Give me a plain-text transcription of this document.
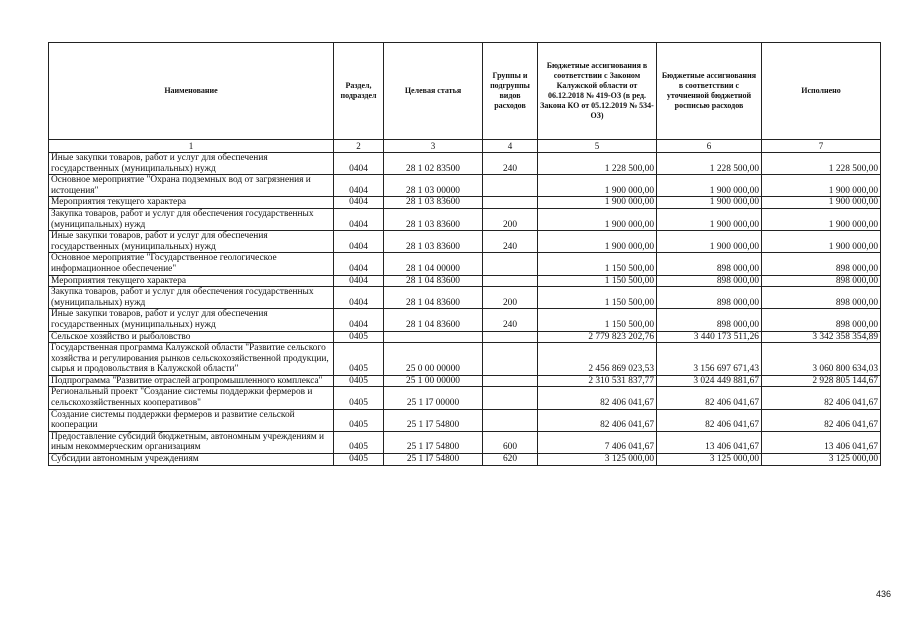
Наименование	Раздел, подраздел	Целевая статья	Группы и подгруппы видов расходов	Бюджетные ассигнования в соответствии с Законом Калужской области от 06.12.2018 № 419-ОЗ (в ред. Закона КО от 05.12.2019 № 534-ОЗ)	Бюджетные ассигнования в соответствии с уточненной бюджетной росписью расходов	Исполнено
1	2	3	4	5	6	7
Иные закупки товаров, работ и услуг для обеспечения государственных (муниципальных) нужд	0404	28 1 02 83500	240	1 228 500,00	1 228 500,00	1 228 500,00
Основное мероприятие "Охрана подземных вод от загрязнения и истощения"	0404	28 1 03 00000		1 900 000,00	1 900 000,00	1 900 000,00
Мероприятия текущего характера	0404	28 1 03 83600		1 900 000,00	1 900 000,00	1 900 000,00
Закупка товаров, работ и услуг для обеспечения государственных (муниципальных) нужд	0404	28 1 03 83600	200	1 900 000,00	1 900 000,00	1 900 000,00
Иные закупки товаров, работ и услуг для обеспечения государственных (муниципальных) нужд	0404	28 1 03 83600	240	1 900 000,00	1 900 000,00	1 900 000,00
Основное мероприятие "Государственное геологическое информационное обеспечение"	0404	28 1 04 00000		1 150 500,00	898 000,00	898 000,00
Мероприятия текущего характера	0404	28 1 04 83600		1 150 500,00	898 000,00	898 000,00
Закупка товаров, работ и услуг для обеспечения государственных (муниципальных) нужд	0404	28 1 04 83600	200	1 150 500,00	898 000,00	898 000,00
Иные закупки товаров, работ и услуг для обеспечения государственных (муниципальных) нужд	0404	28 1 04 83600	240	1 150 500,00	898 000,00	898 000,00
Сельское хозяйство и рыболовство	0405			2 779 823 202,76	3 440 173 511,26	3 342 358 354,89
Государственная программа Калужской области "Развитие сельского хозяйства и регулирования рынков сельскохозяйственной продукции, сырья и продовольствия в Калужской области"	0405	25 0 00 00000		2 456 869 023,53	3 156 697 671,43	3 060 800 634,03
Подпрограмма "Развитие отраслей агропромышленного комплекса"	0405	25 1 00 00000		2 310 531 837,77	3 024 449 881,67	2 928 805 144,67
Региональный проект "Создание системы поддержки фермеров и сельскохозяйственных кооперативов"	0405	25 1 I7 00000		82 406 041,67	82 406 041,67	82 406 041,67
Создание системы поддержки фермеров и развитие сельской кооперации	0405	25 1 I7 54800		82 406 041,67	82 406 041,67	82 406 041,67
Предоставление субсидий бюджетным, автономным учреждениям и иным некоммерческим организациям	0405	25 1 I7 54800	600	7 406 041,67	13 406 041,67	13 406 041,67
Субсидии автономным учреждениям	0405	25 1 I7 54800	620	3 125 000,00	3 125 000,00	3 125 000,00
436
